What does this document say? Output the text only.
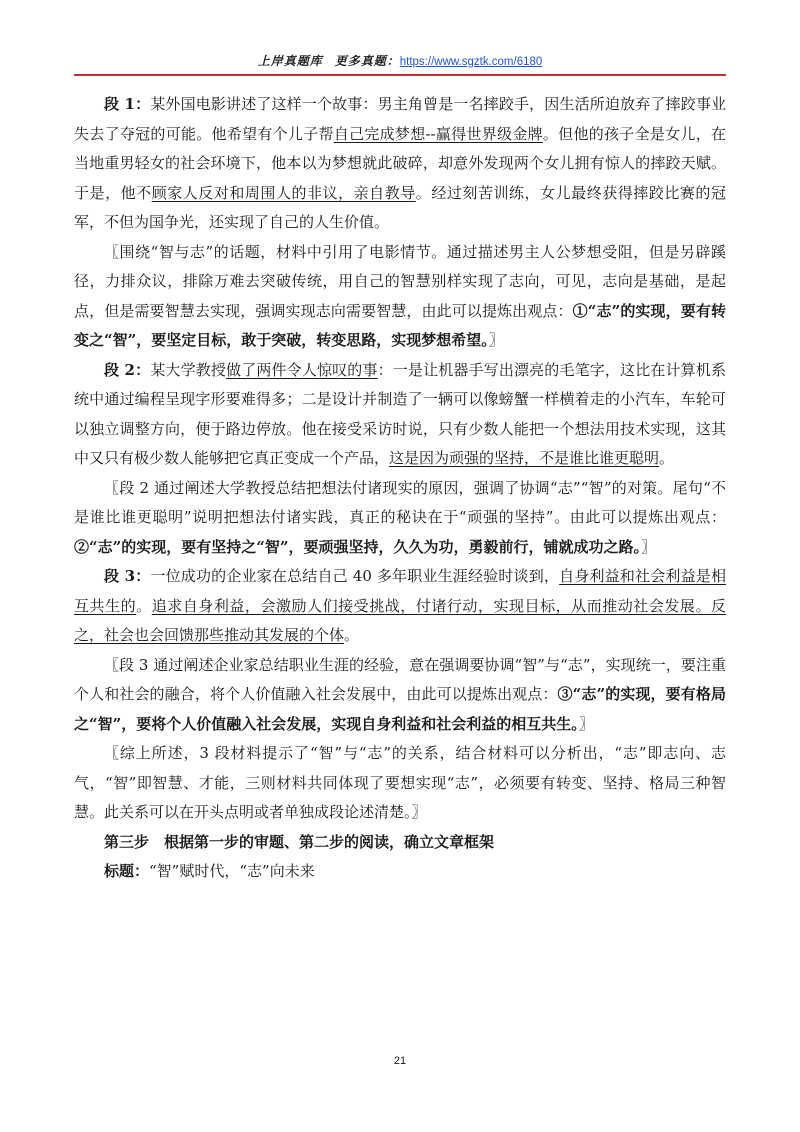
上岸真题库　 更多真题：https://www.sgztk.com/6180

段 1：某外国电影讲述了这样一个故事：男主角曾是一名摔跤手，因生活所迫放弃了摔跤事业失去了夺冠的可能。他希望有个儿子帮自己完成梦想--赢得世界级金牌。但他的孩子全是女儿，在当地重男轻女的社会环境下，他本以为梦想就此破碎，却意外发现两个女儿拥有惊人的摔跤天赋。于是，他不顾家人反对和周围人的非议，亲自教导。经过刻苦训练，女儿最终获得摔跤比赛的冠军，不但为国争光，还实现了自己的人生价值。

〖围绕“智与志”的话题，材料中引用了电影情节。通过描述男主人公梦想受阻，但是另辟蹊径，力排众议，排除万难去突破传统，用自己的智慧别样实现了志向，可见，志向是基础，是起点，但是需要智慧去实现，强调实现志向需要智慧，由此可以提炼出观点：①“志”的实现，要有转变之“智”，要坚定目标，敢于突破，转变思路，实现梦想希望。〗

段 2：某大学教授做了两件令人惊叹的事：一是让机器手写出漂亮的毛笔字，这比在计算机系统中通过编程呈现字形要难得多；二是设计并制造了一辆可以像螃蟹一样横着走的小汽车，车轮可以独立调整方向，便于路边停放。他在接受采访时说，只有少数人能把一个想法用技术实现，这其中又只有极少数人能够把它真正变成一个产品，这是因为顽强的坚持，不是谁比谁更聪明。

〖段 2 通过阐述大学教授总结把想法付诸现实的原因，强调了协调“志”“智”的对策。尾句“不是谁比谁更聪明”说明把想法付诸实践，真正的秘诀在于“顽强的坚持”。由此可以提炼出观点：②“志”的实现，要有坚持之“智”，要顽强坚持，久久为功，勇毅前行，铺就成功之路。〗

段 3：一位成功的企业家在总结自己 40 多年职业生涯经验时谈到，自身利益和社会利益是相互共生的。追求自身利益，会激励人们接受挑战，付诸行动，实现目标，从而推动社会发展。反之，社会也会回馈那些推动其发展的个体。

〖段 3 通过阐述企业家总结职业生涯的经验，意在强调要协调“智”与“志”，实现统一，要注重个人和社会的融合，将个人价值融入社会发展中，由此可以提炼出观点：③“志”的实现，要有格局之“智”，要将个人价值融入社会发展，实现自身利益和社会利益的相互共生。〗

〖综上所述，3 段材料提示了“智”与“志”的关系，结合材料可以分析出，“志”即志向、志气，“智”即智慧、才能，三则材料共同体现了要想实现“志”，必须要有转变、坚持、格局三种智慧。此关系可以在开头点明或者单独成段论述清楚。〗

第三步　根据第一步的审题、第二步的阅读，确立文章框架

标题：“智”赋时代，“志”向未来

21
